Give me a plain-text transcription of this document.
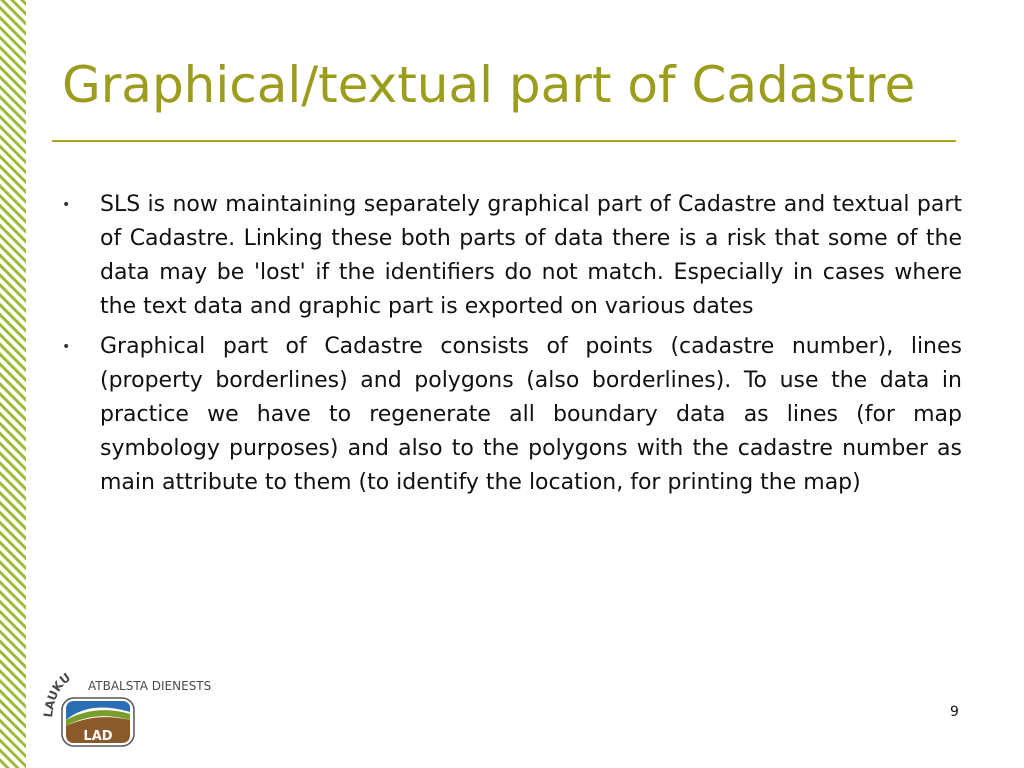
Graphical/textual part of Cadastre
• SLS is now maintaining separately graphical part of Cadastre and textual part of Cadastre. Linking these both parts of data there is a risk that some of the data may be 'lost' if the identifiers do not match. Especially in cases where the text data and graphic part is exported on various dates
• Graphical part of Cadastre consists of points (cadastre number), lines (property borderlines) and polygons (also borderlines). To use the data in practice we have to regenerate all boundary data as lines (for map symbology purposes) and also to the polygons with the cadastre number as main attribute to them (to identify the location, for printing the map)
LAUKU ATBALSTA DIENESTS
LAD
9
